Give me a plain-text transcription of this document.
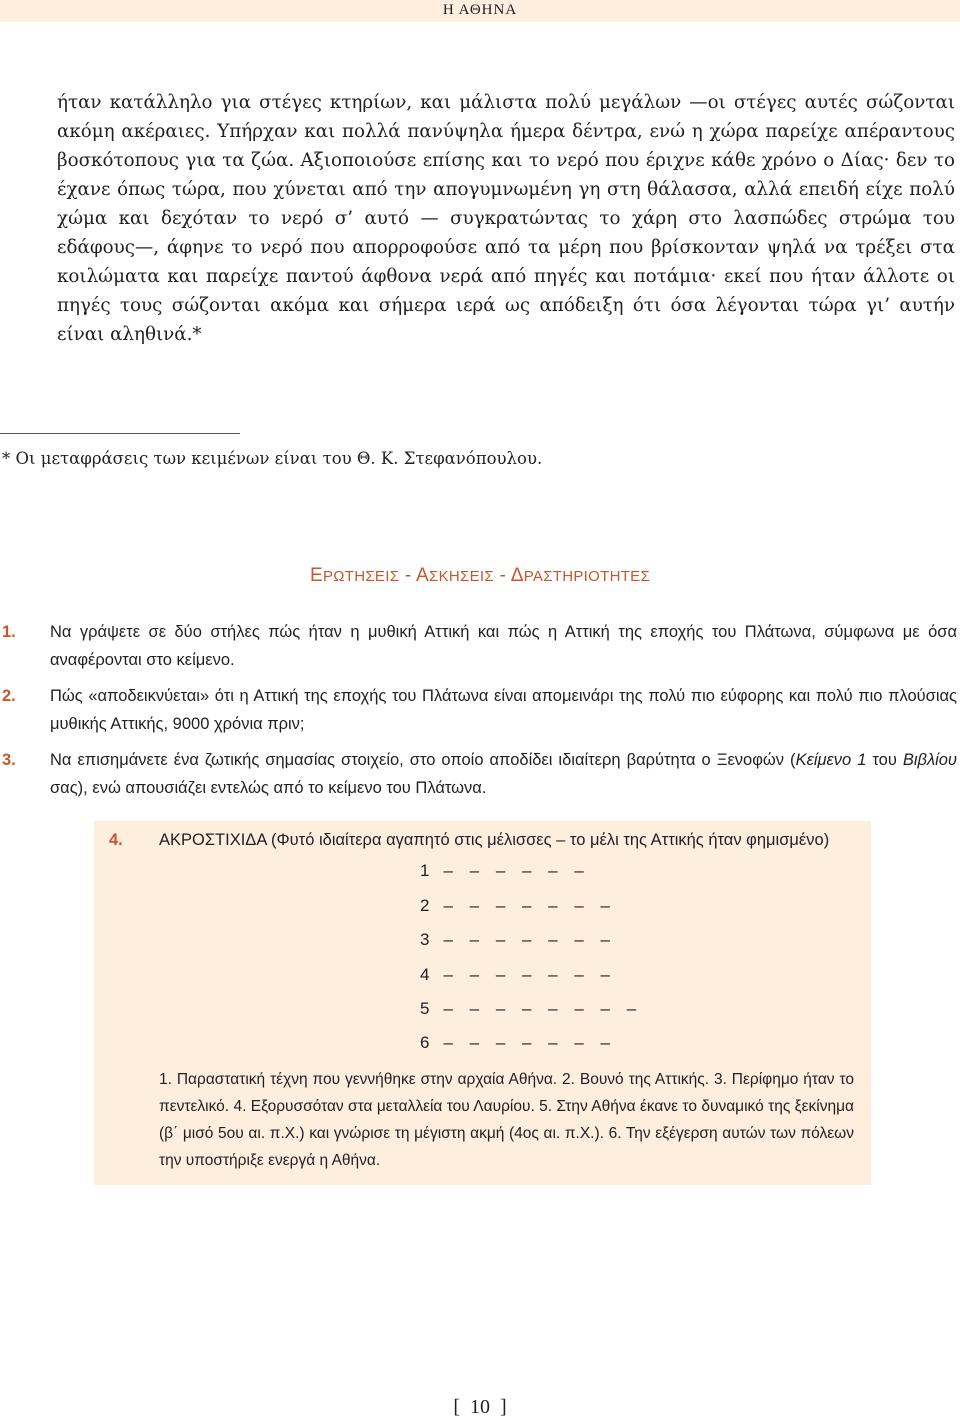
Η ΑΘΗΝΑ

ήταν κατάλληλο για στέγες κτηρίων, και μάλιστα πολύ μεγάλων —οι στέγες αυτές σώζονται ακόμη ακέραιες. Υπήρχαν και πολλά πανύψηλα ήμερα δέντρα, ενώ η χώρα παρείχε απέραντους βοσκότοπους για τα ζώα. Αξιοποιούσε επίσης και το νερό που έριχνε κάθε χρόνο ο Δίας· δεν το έχανε όπως τώρα, που χύνεται από την απογυμνωμένη γη στη θάλασσα, αλλά επειδή είχε πολύ χώμα και δεχόταν το νερό σ’ αυτό — συγκρατώντας το χάρη στο λασπώδες στρώμα του εδάφους—, άφηνε το νερό που απορροφούσε από τα μέρη που βρίσκονταν ψηλά να τρέξει στα κοιλώματα και παρείχε παντού άφθονα νερά από πηγές και ποτάμια· εκεί που ήταν άλλοτε οι πηγές τους σώζονται ακόμα και σήμερα ιερά ως απόδειξη ότι όσα λέγονται τώρα γι’ αυτήν είναι αληθινά.*

* Οι μεταφράσεις των κειμένων είναι του Θ. Κ. Στεφανόπουλου.
ΕΡΩΤΗΣΕΙΣ - ΑΣΚΗΣΕΙΣ - ΔΡΑΣΤΗΡΙΟΤΗΤΕΣ
1. Να γράψετε σε δύο στήλες πώς ήταν η μυθική Αττική και πώς η Αττική της εποχής του Πλάτωνα, σύμφωνα με όσα αναφέρονται στο κείμενο.
2. Πώς «αποδεικνύεται» ότι η Αττική της εποχής του Πλάτωνα είναι απομεινάρι της πολύ πιο εύφορης και πολύ πιο πλούσιας μυθικής Αττικής, 9000 χρόνια πριν;
3. Να επισημάνετε ένα ζωτικής σημασίας στοιχείο, στο οποίο αποδίδει ιδιαίτερη βαρύτητα ο Ξενοφών (Κείμενο 1 του Βιβλίου σας), ενώ απουσιάζει εντελώς από το κείμενο του Πλάτωνα.
4. ΑΚΡΟΣΤΙΧΙΔΑ (Φυτό ιδιαίτερα αγαπητό στις μέλισσες – το μέλι της Αττικής ήταν φημισμένο)
1 – – – – – –
2 – – – – – – –
3 – – – – – – –
4 – – – – – – –
5 – – – – – – – –
6 – – – – – – –
1. Παραστατική τέχνη που γεννήθηκε στην αρχαία Αθήνα. 2. Βουνό της Αττικής. 3. Περίφημο ήταν το πεντελικό. 4. Εξορυσσόταν στα μεταλλεία του Λαυρίου. 5. Στην Αθήνα έκανε το δυναμικό της ξεκίνημα (β΄ μισό 5ου αι. π.Χ.) και γνώρισε τη μέγιστη ακμή (4ος αι. π.Χ.). 6. Την εξέγερση αυτών των πόλεων την υποστήριξε ενεργά η Αθήνα.
[ 10 ]
